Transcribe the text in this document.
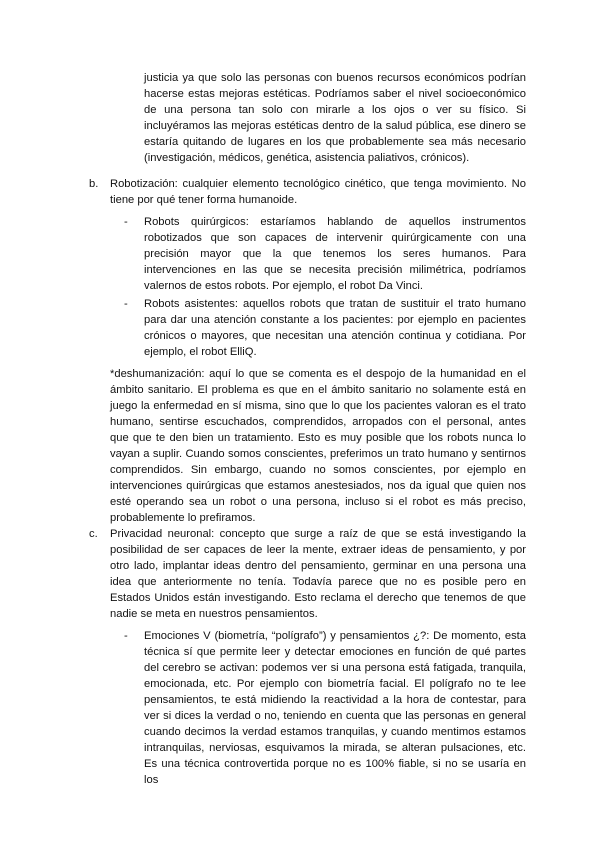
justicia ya que solo las personas con buenos recursos económicos podrían hacerse estas mejoras estéticas. Podríamos saber el nivel socioeconómico de una persona tan solo con mirarle a los ojos o ver su físico. Si incluyéramos las mejoras estéticas dentro de la salud pública, ese dinero se estaría quitando de lugares en los que probablemente sea más necesario (investigación, médicos, genética, asistencia paliativos, crónicos).

b. Robotización: cualquier elemento tecnológico cinético, que tenga movimiento. No tiene por qué tener forma humanoide.

- Robots quirúrgicos: estaríamos hablando de aquellos instrumentos robotizados que son capaces de intervenir quirúrgicamente con una precisión mayor que la que tenemos los seres humanos. Para intervenciones en las que se necesita precisión milimétrica, podríamos valernos de estos robots. Por ejemplo, el robot Da Vinci.

- Robots asistentes: aquellos robots que tratan de sustituir el trato humano para dar una atención constante a los pacientes: por ejemplo en pacientes crónicos o mayores, que necesitan una atención continua y cotidiana. Por ejemplo, el robot ElliQ.

*deshumanización: aquí lo que se comenta es el despojo de la humanidad en el ámbito sanitario. El problema es que en el ámbito sanitario no solamente está en juego la enfermedad en sí misma, sino que lo que los pacientes valoran es el trato humano, sentirse escuchados, comprendidos, arropados con el personal, antes que que te den bien un tratamiento. Esto es muy posible que los robots nunca lo vayan a suplir. Cuando somos conscientes, preferimos un trato humano y sentirnos comprendidos. Sin embargo, cuando no somos conscientes, por ejemplo en intervenciones quirúrgicas que estamos anestesiados, nos da igual que quien nos esté operando sea un robot o una persona, incluso si el robot es más preciso, probablemente lo prefiramos.

c. Privacidad neuronal: concepto que surge a raíz de que se está investigando la posibilidad de ser capaces de leer la mente, extraer ideas de pensamiento, y por otro lado, implantar ideas dentro del pensamiento, germinar en una persona una idea que anteriormente no tenía. Todavía parece que no es posible pero en Estados Unidos están investigando. Esto reclama el derecho que tenemos de que nadie se meta en nuestros pensamientos.

- Emociones V (biometría, “polígrafo”) y pensamientos ¿?: De momento, esta técnica sí que permite leer y detectar emociones en función de qué partes del cerebro se activan: podemos ver si una persona está fatigada, tranquila, emocionada, etc. Por ejemplo con biometría facial. El polígrafo no te lee pensamientos, te está midiendo la reactividad a la hora de contestar, para ver si dices la verdad o no, teniendo en cuenta que las personas en general cuando decimos la verdad estamos tranquilas, y cuando mentimos estamos intranquilas, nerviosas, esquivamos la mirada, se alteran pulsaciones, etc. Es una técnica controvertida porque no es 100% fiable, si no se usaría en los
